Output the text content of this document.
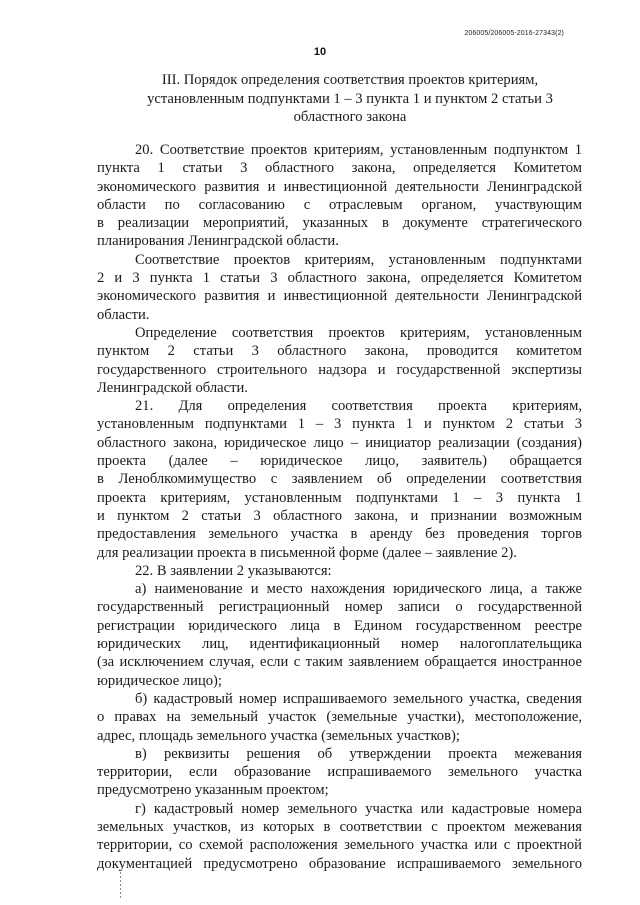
206005/206005-2016-27343(2)
10
III. Порядок определения соответствия проектов критериям,
установленным подпунктами 1 – 3 пункта 1 и пунктом 2 статьи 3
областного закона
20. Соответствие проектов критериям, установленным подпунктом 1
пункта 1 статьи 3 областного закона, определяется Комитетом
экономического развития и инвестиционной деятельности Ленинградской
области по согласованию с отраслевым органом, участвующим
в реализации мероприятий, указанных в документе стратегического
планирования Ленинградской области.
Соответствие проектов критериям, установленным подпунктами
2 и 3 пункта 1 статьи 3 областного закона, определяется Комитетом
экономического развития и инвестиционной деятельности Ленинградской
области.
Определение соответствия проектов критериям, установленным
пунктом 2 статьи 3 областного закона, проводится комитетом
государственного строительного надзора и государственной экспертизы
Ленинградской области.
21. Для определения соответствия проекта критериям,
установленным подпунктами 1 – 3 пункта 1 и пунктом 2 статьи 3
областного закона, юридическое лицо – инициатор реализации (создания)
проекта (далее – юридическое лицо, заявитель) обращается
в Леноблкомимущество с заявлением об определении соответствия
проекта критериям, установленным подпунктами 1 – 3 пункта 1
и пунктом 2 статьи 3 областного закона, и признании возможным
предоставления земельного участка в аренду без проведения торгов
для реализации проекта в письменной форме (далее – заявление 2).
22. В заявлении 2 указываются:
а) наименование и место нахождения юридического лица, а также
государственный регистрационный номер записи о государственной
регистрации юридического лица в Едином государственном реестре
юридических лиц, идентификационный номер налогоплательщика
(за исключением случая, если с таким заявлением обращается иностранное
юридическое лицо);
б) кадастровый номер испрашиваемого земельного участка, сведения
о правах на земельный участок (земельные участки), местоположение,
адрес, площадь земельного участка (земельных участков);
в) реквизиты решения об утверждении проекта межевания
территории, если образование испрашиваемого земельного участка
предусмотрено указанным проектом;
г) кадастровый номер земельного участка или кадастровые номера
земельных участков, из которых в соответствии с проектом межевания
территории, со схемой расположения земельного участка или с проектной
документацией предусмотрено образование испрашиваемого земельного
